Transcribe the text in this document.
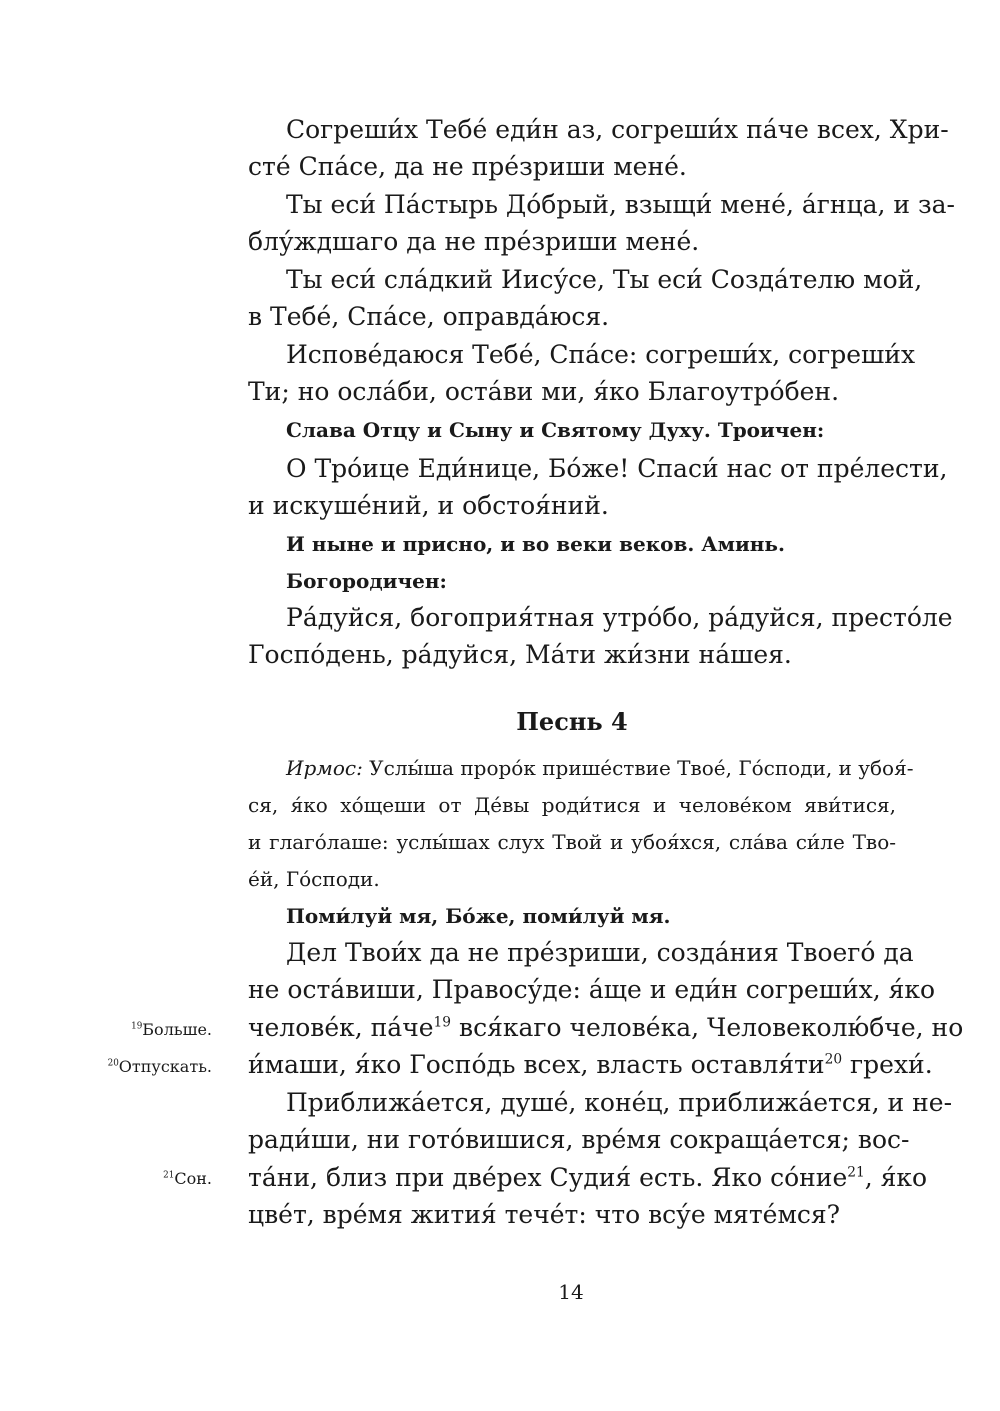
Согреши́х Тебе́ еди́н аз, согреши́х па́че всех, Хри-
сте́ Спа́се, да не пре́зриши мене́.
Ты еси́ Па́стырь До́брый, взыщи́ мене́, а́гнца, и за-
блу́ждшаго да не пре́зриши мене́.
Ты еси́ сла́дкий Иису́се, Ты еси́ Созда́телю мой,
в Тебе́, Спа́се, оправда́юся.
Испове́даюся Тебе́, Спа́се: согреши́х, согреши́х
Ти; но осла́би, оста́ви ми, я́ко Благоутро́бен.
Слава Отцу и Сыну и Святому Духу. Троичен:
О Тро́ице Еди́нице, Бо́же! Спаси́ нас от пре́лести,
и искуше́ний, и обстоя́ний.
И ныне и присно, и во веки веков. Аминь.
Богородичен:
Ра́дуйся, богоприя́тная утро́бо, ра́дуйся, престо́ле
Госпо́день, ра́дуйся, Ма́ти жи́зни на́шея.
Песнь 4
Ирмос: Услы́ша проро́к прише́ствие Твое́, Го́споди, и убоя́-
ся, я́ко хо́щеши от Де́вы роди́тися и челове́ком яви́тися,
и глаго́лаше: услы́шах слух Твой и убоя́хся, сла́ва си́ле Тво-
е́й, Го́споди.
Поми́луй мя, Бо́же, поми́луй мя.
Дел Твои́х да не пре́зриши, созда́ния Твоего́ да
не оста́виши, Правосу́де: а́ще и еди́н согреши́х, я́ко
челове́к, $па́че^{19}$ вся́каго челове́ка, Человеколю́бче, но
и́маши, я́ко Госпо́дь всех, власть $оставля́ти^{20}$ грехи́.
Приближа́ется, душе́, коне́ц, приближа́ется, и не-
ради́ши, ни гото́вишися, вре́мя сокраща́ется; вос-
та́ни, близ при две́рех Судия́ есть. Яко со́ние$^{21}$, я́ко
цве́т, вре́мя жития́ тече́т: что всу́е мяте́мся?
$^{19}$Больше.
$^{20}$Отпускать.
$^{21}$Сон.
14
